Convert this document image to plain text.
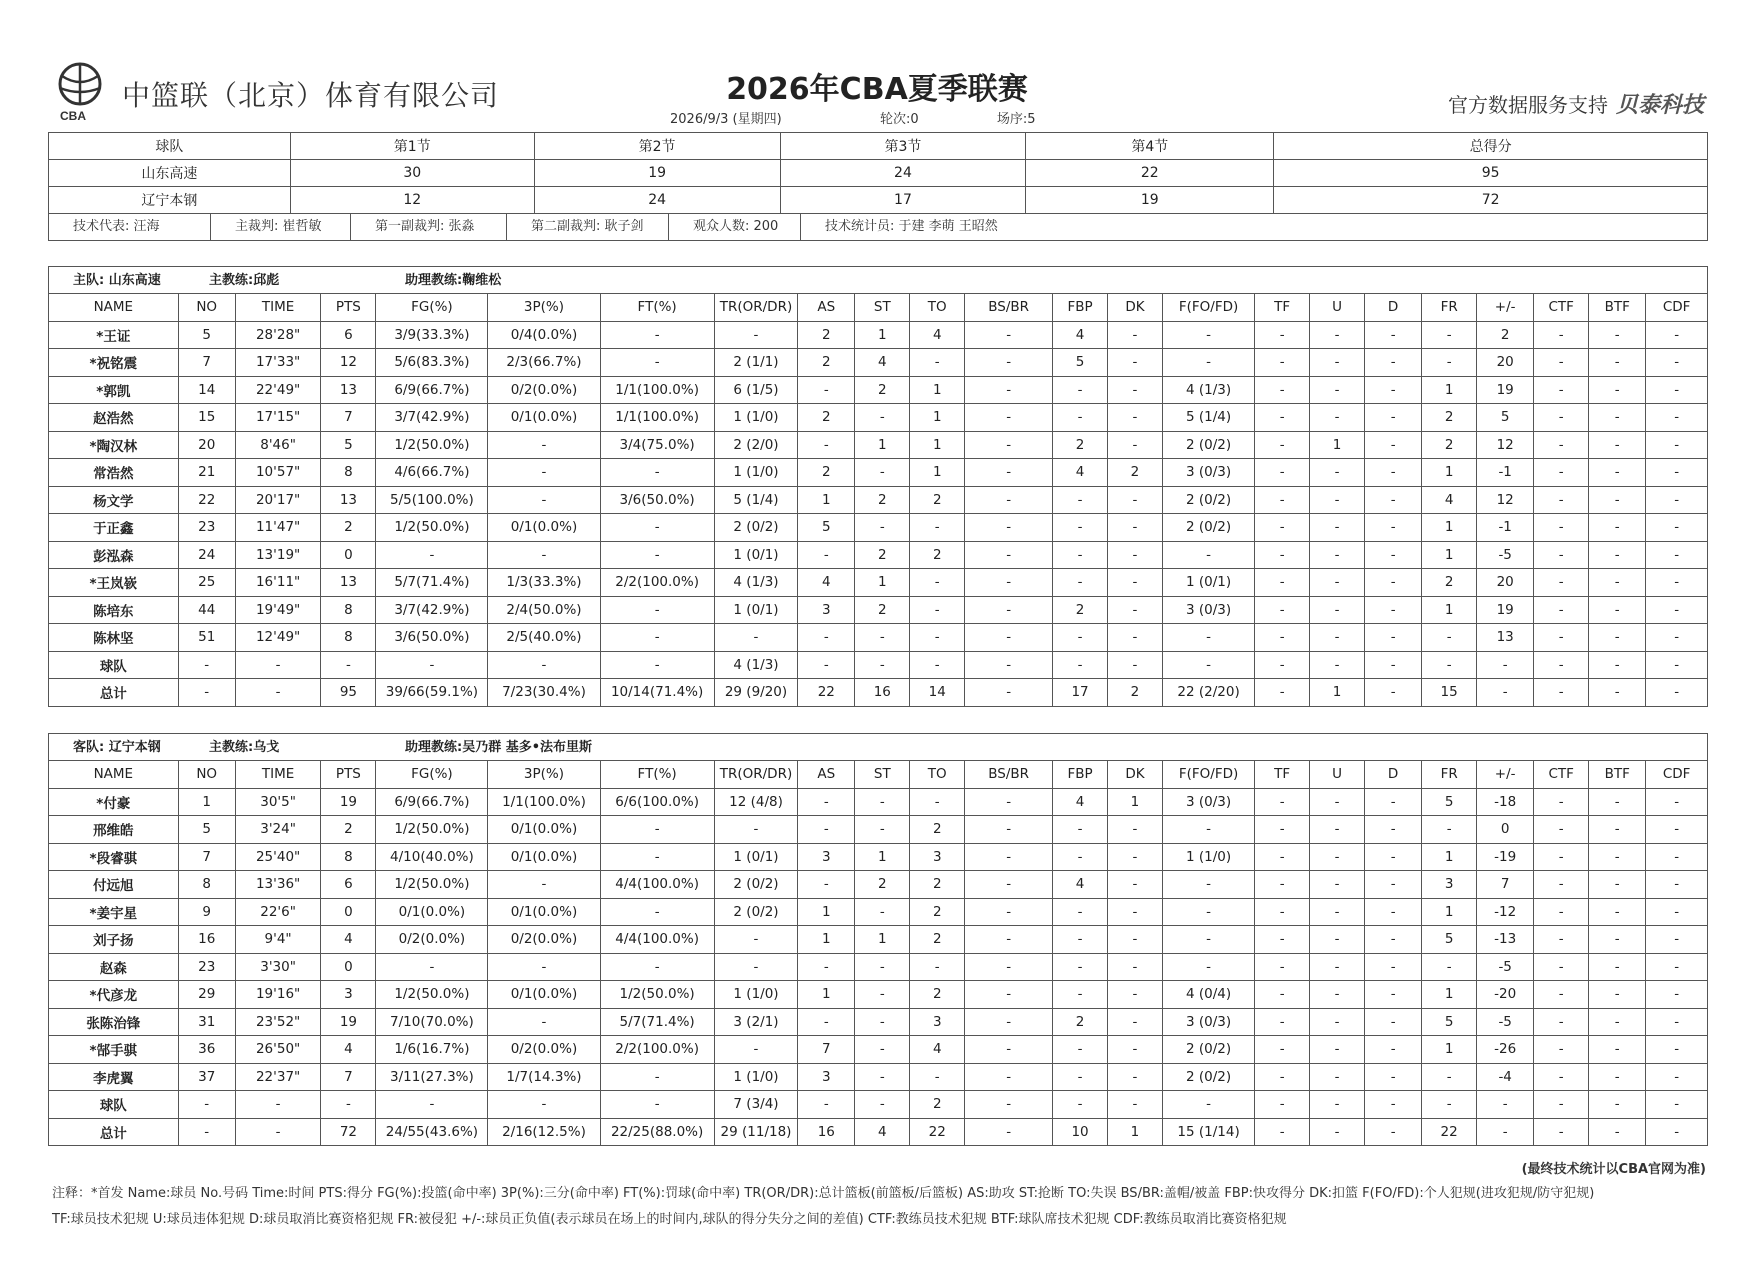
CBA
中篮联（北京）体育有限公司	2026年CBA夏季联赛
2026/9/3 (星期四)	轮次:0	场序:5
官方数据服务支持 贝泰科技
球队	第1节	第2节	第3节	第4节	总得分
山东高速	30	19	24	22	95
辽宁本钢	12	24	17	19	72
技术代表: 汪海	主裁判: 崔哲敏	第一副裁判: 张淼	第二副裁判: 耿子剑	观众人数: 200	技术统计员: 于建 李萌 王昭然
主队: 山东高速	主教练:邱彪	助理教练:鞠维松
NAME	NO	TIME	PTS	FG(%)	3P(%)	FT(%)	TR(OR/DR)	AS	ST	TO	BS/BR	FBP	DK	F(FO/FD)	TF	U	D	FR	+/-	CTF	BTF	CDF
*王证	5	28'28"	6	3/9(33.3%)	0/4(0.0%)	-	-	2	1	4	-	4	-	-	-	-	-	-	2	-	-	-
*祝铭震	7	17'33"	12	5/6(83.3%)	2/3(66.7%)	-	2 (1/1)	2	4	-	-	5	-	-	-	-	-	-	20	-	-	-
*郭凯	14	22'49"	13	6/9(66.7%)	0/2(0.0%)	1/1(100.0%)	6 (1/5)	-	2	1	-	-	-	4 (1/3)	-	-	-	1	19	-	-	-
赵浩然	15	17'15"	7	3/7(42.9%)	0/1(0.0%)	1/1(100.0%)	1 (1/0)	2	-	1	-	-	-	5 (1/4)	-	-	-	2	5	-	-	-
*陶汉林	20	8'46"	5	1/2(50.0%)	-	3/4(75.0%)	2 (2/0)	-	1	1	-	2	-	2 (0/2)	-	1	-	2	12	-	-	-
常浩然	21	10'57"	8	4/6(66.7%)	-	-	1 (1/0)	2	-	1	-	4	2	3 (0/3)	-	-	-	1	-1	-	-	-
杨文学	22	20'17"	13	5/5(100.0%)	-	3/6(50.0%)	5 (1/4)	1	2	2	-	-	-	2 (0/2)	-	-	-	4	12	-	-	-
于正鑫	23	11'47"	2	1/2(50.0%)	0/1(0.0%)	-	2 (0/2)	5	-	-	-	-	-	2 (0/2)	-	-	-	1	-1	-	-	-
彭泓森	24	13'19"	0	-	-	-	1 (0/1)	-	2	2	-	-	-	-	-	-	-	1	-5	-	-	-
*王岚嵚	25	16'11"	13	5/7(71.4%)	1/3(33.3%)	2/2(100.0%)	4 (1/3)	4	1	-	-	-	-	1 (0/1)	-	-	-	2	20	-	-	-
陈培东	44	19'49"	8	3/7(42.9%)	2/4(50.0%)	-	1 (0/1)	3	2	-	-	2	-	3 (0/3)	-	-	-	1	19	-	-	-
陈林坚	51	12'49"	8	3/6(50.0%)	2/5(40.0%)	-	-	-	-	-	-	-	-	-	-	-	-	-	13	-	-	-
球队	-	-	-	-	-	-	4 (1/3)	-	-	-	-	-	-	-	-	-	-	-	-	-	-	-
总计	-	-	95	39/66(59.1%)	7/23(30.4%)	10/14(71.4%)	29 (9/20)	22	16	14	-	17	2	22 (2/20)	-	1	-	15	-	-	-	-
客队: 辽宁本钢	主教练:乌戈	助理教练:吴乃群 基多•法布里斯
NAME	NO	TIME	PTS	FG(%)	3P(%)	FT(%)	TR(OR/DR)	AS	ST	TO	BS/BR	FBP	DK	F(FO/FD)	TF	U	D	FR	+/-	CTF	BTF	CDF
*付豪	1	30'5"	19	6/9(66.7%)	1/1(100.0%)	6/6(100.0%)	12 (4/8)	-	-	-	-	4	1	3 (0/3)	-	-	-	5	-18	-	-	-
邢维皓	5	3'24"	2	1/2(50.0%)	0/1(0.0%)	-	-	-	-	2	-	-	-	-	-	-	-	-	0	-	-	-
*段睿骐	7	25'40"	8	4/10(40.0%)	0/1(0.0%)	-	1 (0/1)	3	1	3	-	-	-	1 (1/0)	-	-	-	1	-19	-	-	-
付远旭	8	13'36"	6	1/2(50.0%)	-	4/4(100.0%)	2 (0/2)	-	2	2	-	4	-	-	-	-	-	3	7	-	-	-
*姜宇星	9	22'6"	0	0/1(0.0%)	0/1(0.0%)	-	2 (0/2)	1	-	2	-	-	-	-	-	-	-	1	-12	-	-	-
刘子扬	16	9'4"	4	0/2(0.0%)	0/2(0.0%)	4/4(100.0%)	-	1	1	2	-	-	-	-	-	-	-	5	-13	-	-	-
赵森	23	3'30"	0	-	-	-	-	-	-	-	-	-	-	-	-	-	-	-	-5	-	-	-
*代彦龙	29	19'16"	3	1/2(50.0%)	0/1(0.0%)	1/2(50.0%)	1 (1/0)	1	-	2	-	-	-	4 (0/4)	-	-	-	1	-20	-	-	-
张陈治锋	31	23'52"	19	7/10(70.0%)	-	5/7(71.4%)	3 (2/1)	-	-	3	-	2	-	3 (0/3)	-	-	-	5	-5	-	-	-
*郜手骐	36	26'50"	4	1/6(16.7%)	0/2(0.0%)	2/2(100.0%)	-	7	-	4	-	-	-	2 (0/2)	-	-	-	1	-26	-	-	-
李虎翼	37	22'37"	7	3/11(27.3%)	1/7(14.3%)	-	1 (1/0)	3	-	-	-	-	-	2 (0/2)	-	-	-	-	-4	-	-	-
球队	-	-	-	-	-	-	7 (3/4)	-	-	2	-	-	-	-	-	-	-	-	-	-	-	-
总计	-	-	72	24/55(43.6%)	2/16(12.5%)	22/25(88.0%)	29 (11/18)	16	4	22	-	10	1	15 (1/14)	-	-	-	22	-	-	-	-
(最终技术统计以CBA官网为准)
注释：*首发 Name:球员 No.号码 Time:时间 PTS:得分 FG(%):投篮(命中率) 3P(%):三分(命中率) FT(%):罚球(命中率) TR(OR/DR):总计篮板(前篮板/后篮板) AS:助攻 ST:抢断 TO:失误 BS/BR:盖帽/被盖 FBP:快攻得分 DK:扣篮 F(FO/FD):个人犯规(进攻犯规/防守犯规)
TF:球员技术犯规 U:球员违体犯规 D:球员取消比赛资格犯规 FR:被侵犯 +/-:球员正负值(表示球员在场上的时间内,球队的得分失分之间的差值) CTF:教练员技术犯规 BTF:球队席技术犯规 CDF:教练员取消比赛资格犯规
